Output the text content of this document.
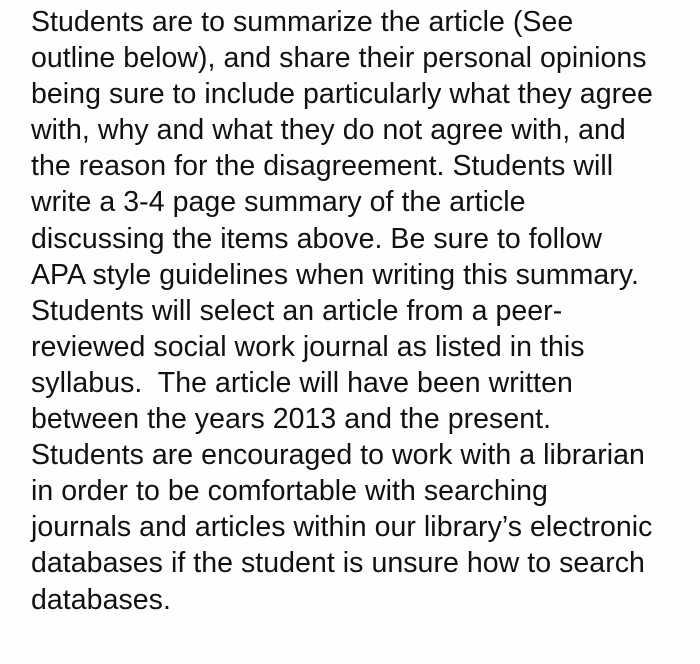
Students are to summarize the article (See
outline below), and share their personal opinions
being sure to include particularly what they agree
with, why and what they do not agree with, and
the reason for the disagreement. Students will
write a 3-4 page summary of the article
discussing the items above. Be sure to follow
APA style guidelines when writing this summary.
Students will select an article from a peer-
reviewed social work journal as listed in this
syllabus.  The article will have been written
between the years 2013 and the present.
Students are encouraged to work with a librarian
in order to be comfortable with searching
journals and articles within our library’s electronic
databases if the student is unsure how to search
databases.
